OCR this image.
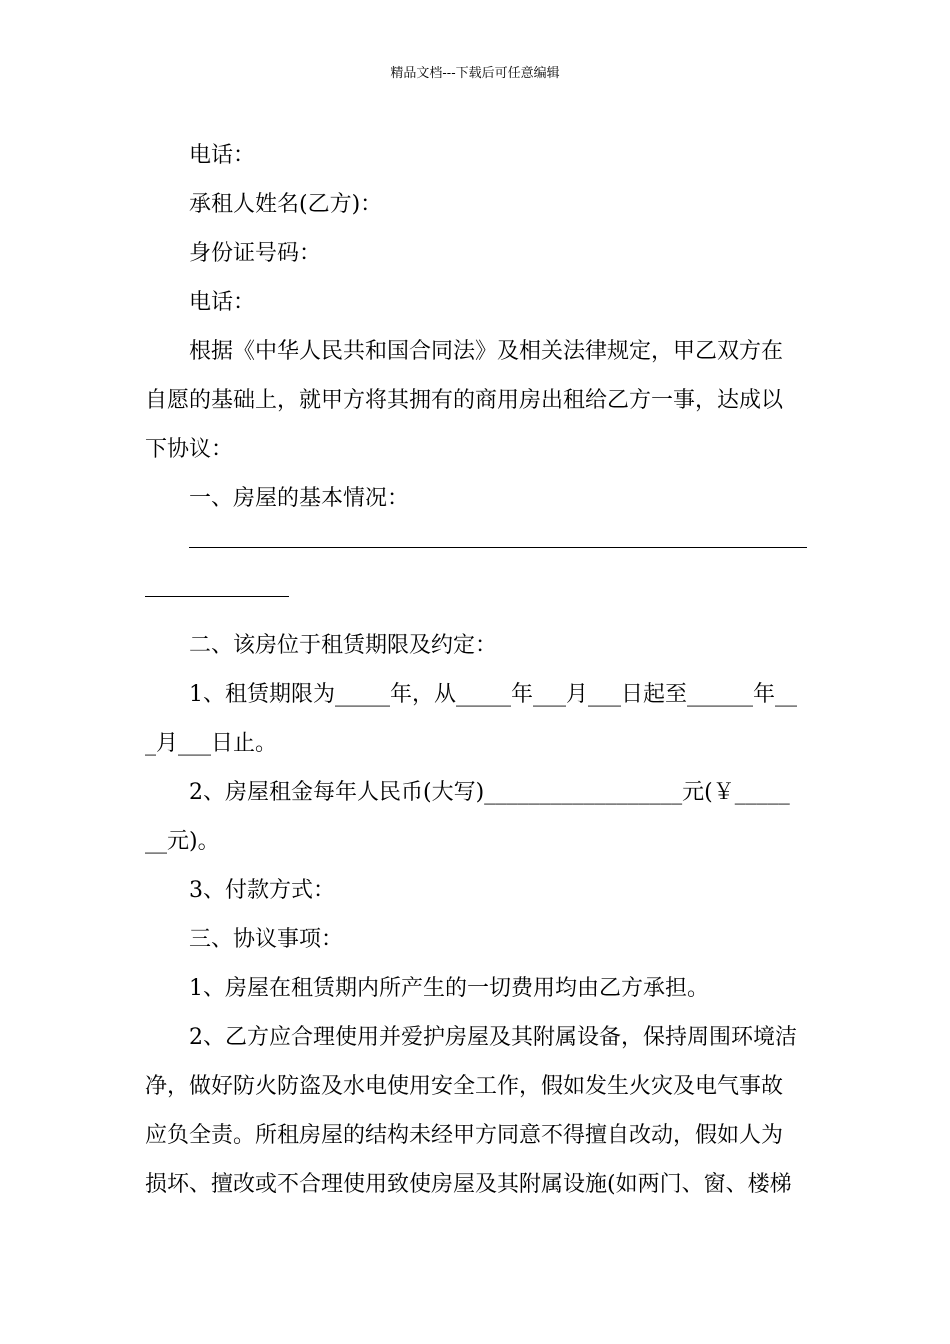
精品文档---下载后可任意编辑
电话：
承租人姓名(乙方)：
身份证号码：
电话：
根据《中华人民共和国合同法》及相关法律规定，甲乙双方在
自愿的基础上，就甲方将其拥有的商用房出租给乙方一事，达成以
下协议：
一、房屋的基本情况：
二、该房位于租赁期限及约定：
1、租赁期限为_____年，从_____年___月___日起至______年__
_月___日止。
2、房屋租金每年人民币(大写)__________________元(￥_____
__元)。
3、付款方式：
三、协议事项：
1、房屋在租赁期内所产生的一切费用均由乙方承担。
2、乙方应合理使用并爱护房屋及其附属设备，保持周围环境洁
净，做好防火防盗及水电使用安全工作，假如发生火灾及电气事故
应负全责。所租房屋的结构未经甲方同意不得擅自改动，假如人为
损坏、擅改或不合理使用致使房屋及其附属设施(如两门、窗、楼梯
